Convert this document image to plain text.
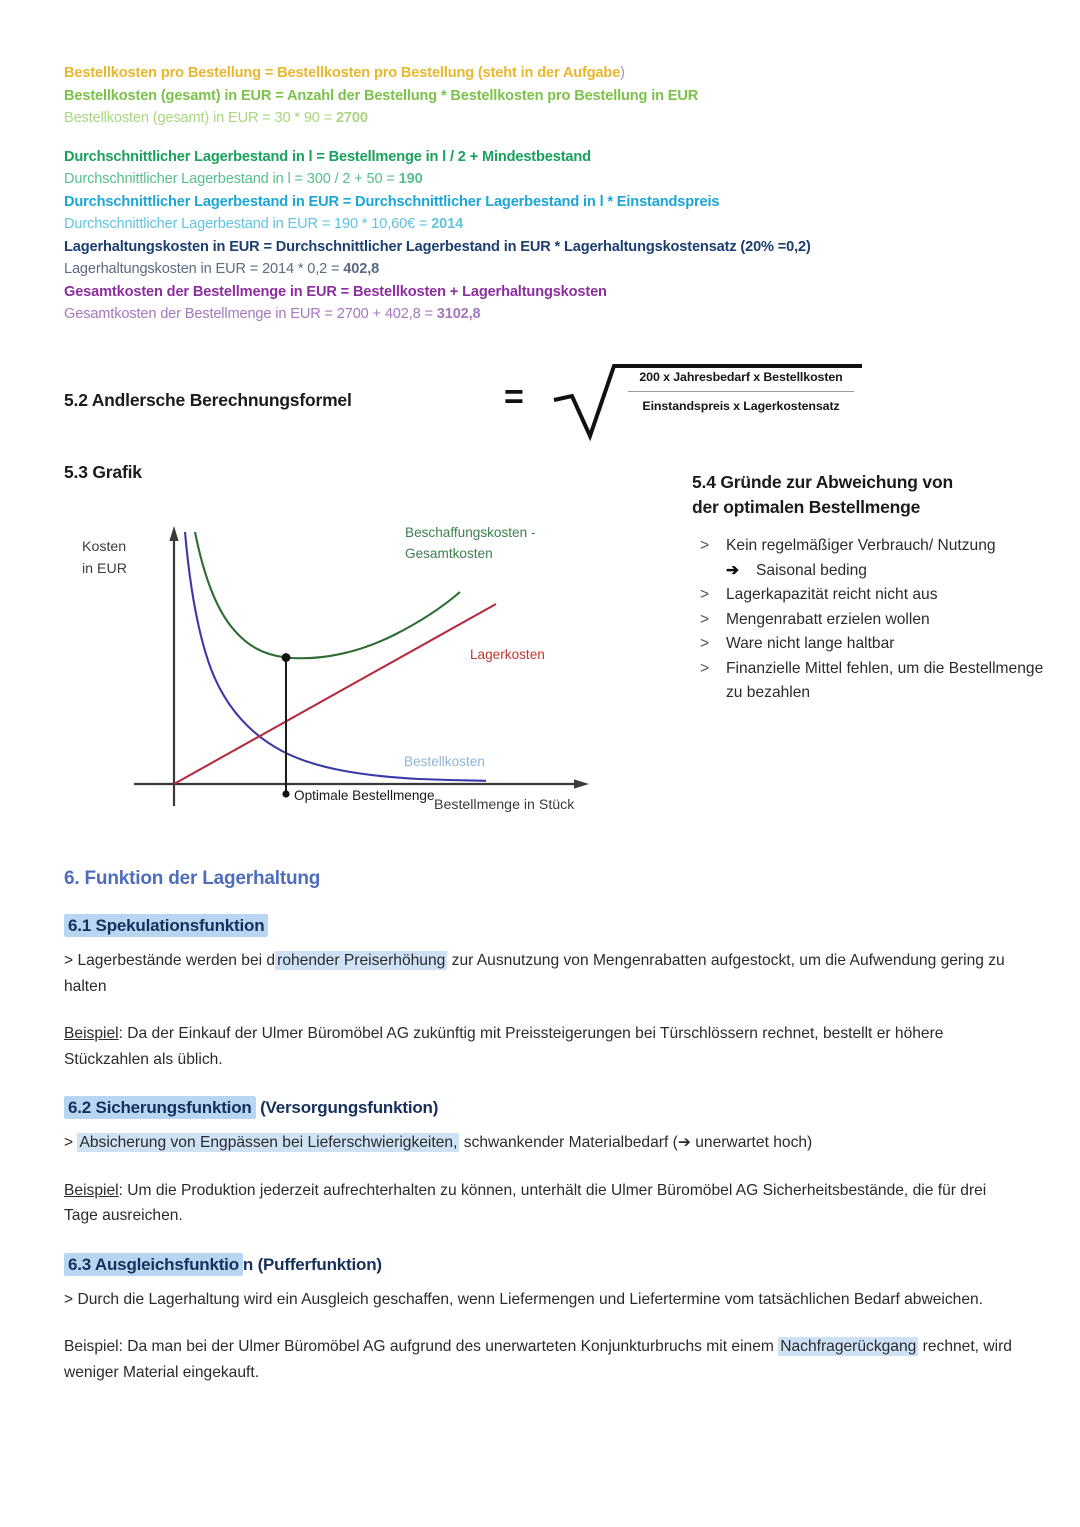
Bestellkosten pro Bestellung = Bestellkosten pro Bestellung (steht in der Aufgabe)
Bestellkosten (gesamt) in EUR = Anzahl der Bestellung * Bestellkosten pro Bestellung in EUR
Bestellkosten (gesamt) in EUR = 30 * 90 = 2700
Durchschnittlicher Lagerbestand in l = Bestellmenge in l / 2 + Mindestbestand
Durchschnittlicher Lagerbestand in l = 300 / 2 + 50 = 190
Durchschnittlicher Lagerbestand in EUR = Durchschnittlicher Lagerbestand in l * Einstandspreis
Durchschnittlicher Lagerbestand in EUR = 190 * 10,60€ = 2014
Lagerhaltungskosten in EUR = Durchschnittlicher Lagerbestand in EUR * Lagerhaltungskostensatz (20% =0,2)
Lagerhaltungskosten in EUR = 2014 * 0,2 = 402,8
Gesamtkosten der Bestellmenge in EUR = Bestellkosten + Lagerhaltungskosten
Gesamtkosten der Bestellmenge in EUR = 2700 + 402,8 = 3102,8
5.2 Andlersche Berechnungsformel	=
200 x Jahresbedarf x Bestellkosten
Einstandspreis x Lagerkostensatz
5.3 Grafik
Kosten
in EUR
Bestellmenge in Stück
Optimale Bestellmenge
Beschaffungskosten -
Gesamtkosten
Lagerkosten
Bestellkosten
5.4 Gründe zur Abweichung von
der optimalen Bestellmenge
>	Kein regelmäßiger Verbrauch/ Nutzung
➔	Saisonal beding
>	Lagerkapazität reicht nicht aus
>	Mengenrabatt erzielen wollen
>	Ware nicht lange haltbar
>	Finanzielle Mittel fehlen, um die Bestellmenge zu bezahlen
6. Funktion der Lagerhaltung
6.1 Spekulationsfunktion

> Lagerbestände werden bei d rohender Preiserhöhung zur Ausnutzung von Mengenrabatten aufgestockt, um die Aufwendung gering zu halten

Beispiel: Da der Einkauf der Ulmer Büromöbel AG zukünftig mit Preissteigerungen bei Türschlössern rechnet, bestellt er höhere Stückzahlen als üblich.

6.2 Sicherungsfunktion (Versorgungsfunktion)

> Absicherung von Engpässen bei Lieferschwierigkeiten, schwankender Materialbedarf (➔ unerwartet hoch)

Beispiel: Um die Produktion jederzeit aufrechterhalten zu können, unterhält die Ulmer Büromöbel AG Sicherheitsbestände, die für drei Tage ausreichen.

6.3 Ausgleichsfunktio n (Pufferfunktion)

> Durch die Lagerhaltung wird ein Ausgleich geschaffen, wenn Liefermengen und Liefertermine vom tatsächlichen Bedarf abweichen.

Beispiel: Da man bei der Ulmer Büromöbel AG aufgrund des unerwarteten Konjunkturbruchs mit einem Nachfragerückgang rechnet, wird weniger Material eingekauft.
